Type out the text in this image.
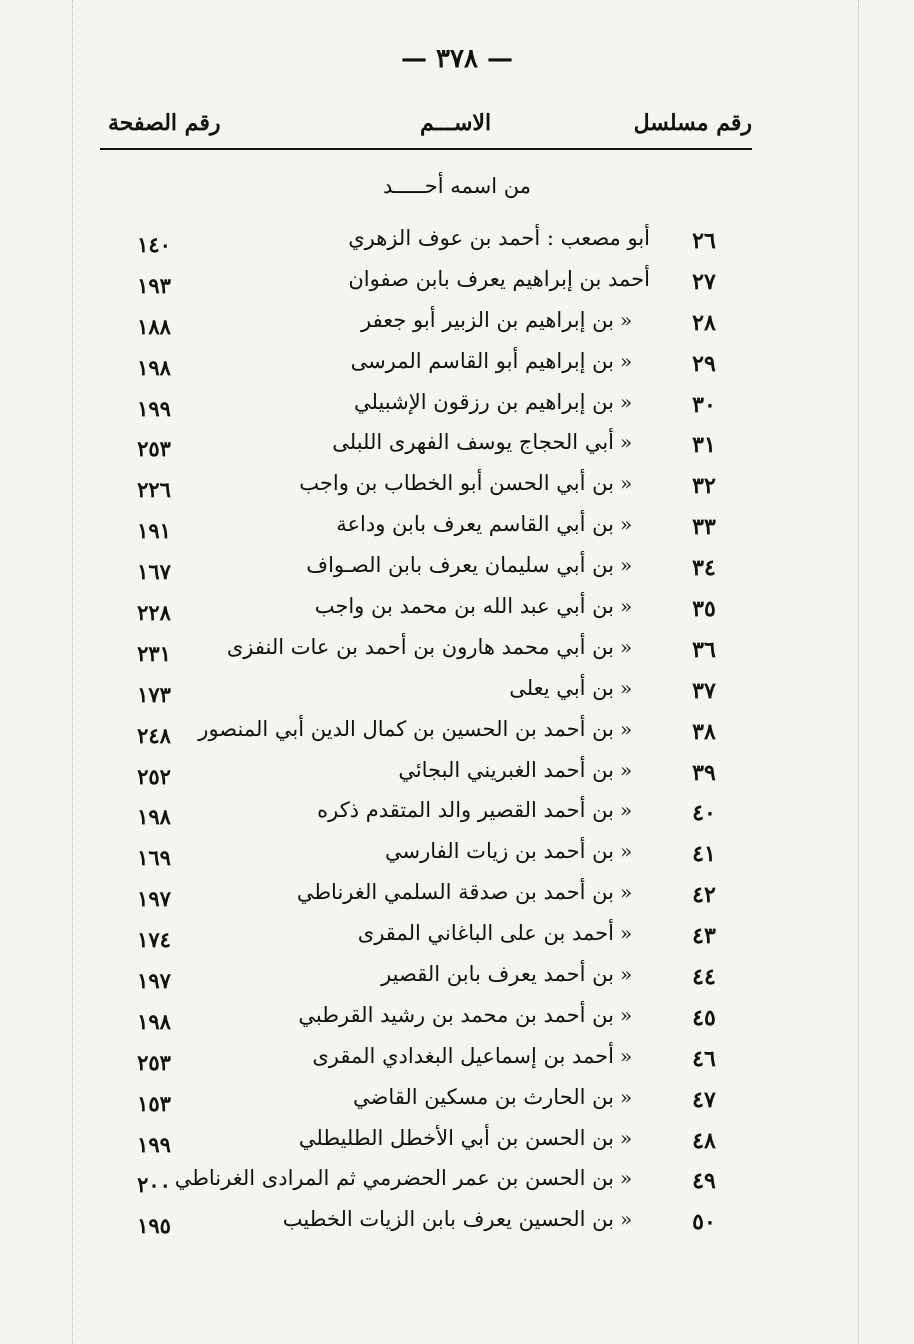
— ٣٧٨ —
رقم مسلسل
الاســـم
رقم الصفحة
من اسمه أحـــــد
٢٦
أبو مصعب : أحمد بن عوف الزهري
١٤٠
٢٧
أحمد بن إبراهيم يعرف بابن صفوان
١٩٣
٢٨
»
بن إبراهيم بن الزبير أبو جعفر
١٨٨
٢٩
»
بن إبراهيم أبو القاسم المرسى
١٩٨
٣٠
»
بن إبراهيم بن رزقون الإشبيلي
١٩٩
٣١
»
أبي الحجاج يوسف الفهرى اللبلى
٢٥٣
٣٢
»
بن أبي الحسن أبو الخطاب بن واجب
٢٢٦
٣٣
»
بن أبي القاسم يعرف بابن وداعة
١٩١
٣٤
»
بن أبي سليمان يعرف بابن الصـواف
١٦٧
٣٥
»
بن أبي عبد الله بن محمد بن واجب
٢٢٨
٣٦
»
بن أبي محمد هارون بن أحمد بن عات النفزى
٢٣١
٣٧
»
بن أبي يعلى
١٧٣
٣٨
»
بن أحمد بن الحسين بن كمال الدين أبي المنصور
٢٤٨
٣٩
»
بن أحمد الغبريني البجائي
٢٥٢
٤٠
»
بن أحمد القصير والد المتقدم ذكره
١٩٨
٤١
»
بن أحمد بن زيات الفارسي
١٦٩
٤٢
»
بن أحمد بن صدقة السلمي الغرناطي
١٩٧
٤٣
»
أحمد بن على الباغاني المقرى
١٧٤
٤٤
»
بن أحمد يعرف بابن القصير
١٩٧
٤٥
»
بن أحمد بن محمد بن رشيد القرطبي
١٩٨
٤٦
»
أحمد بن إسماعيل البغدادي المقرى
٢٥٣
٤٧
»
بن الحارث بن مسكين القاضي
١٥٣
٤٨
»
بن الحسن بن أبي الأخطل الطليطلي
١٩٩
٤٩
»
بن الحسن بن عمر الحضرمي ثم المرادى الغرناطي
٢٠٠
٥٠
»
بن الحسين يعرف بابن الزيات الخطيب
١٩٥
